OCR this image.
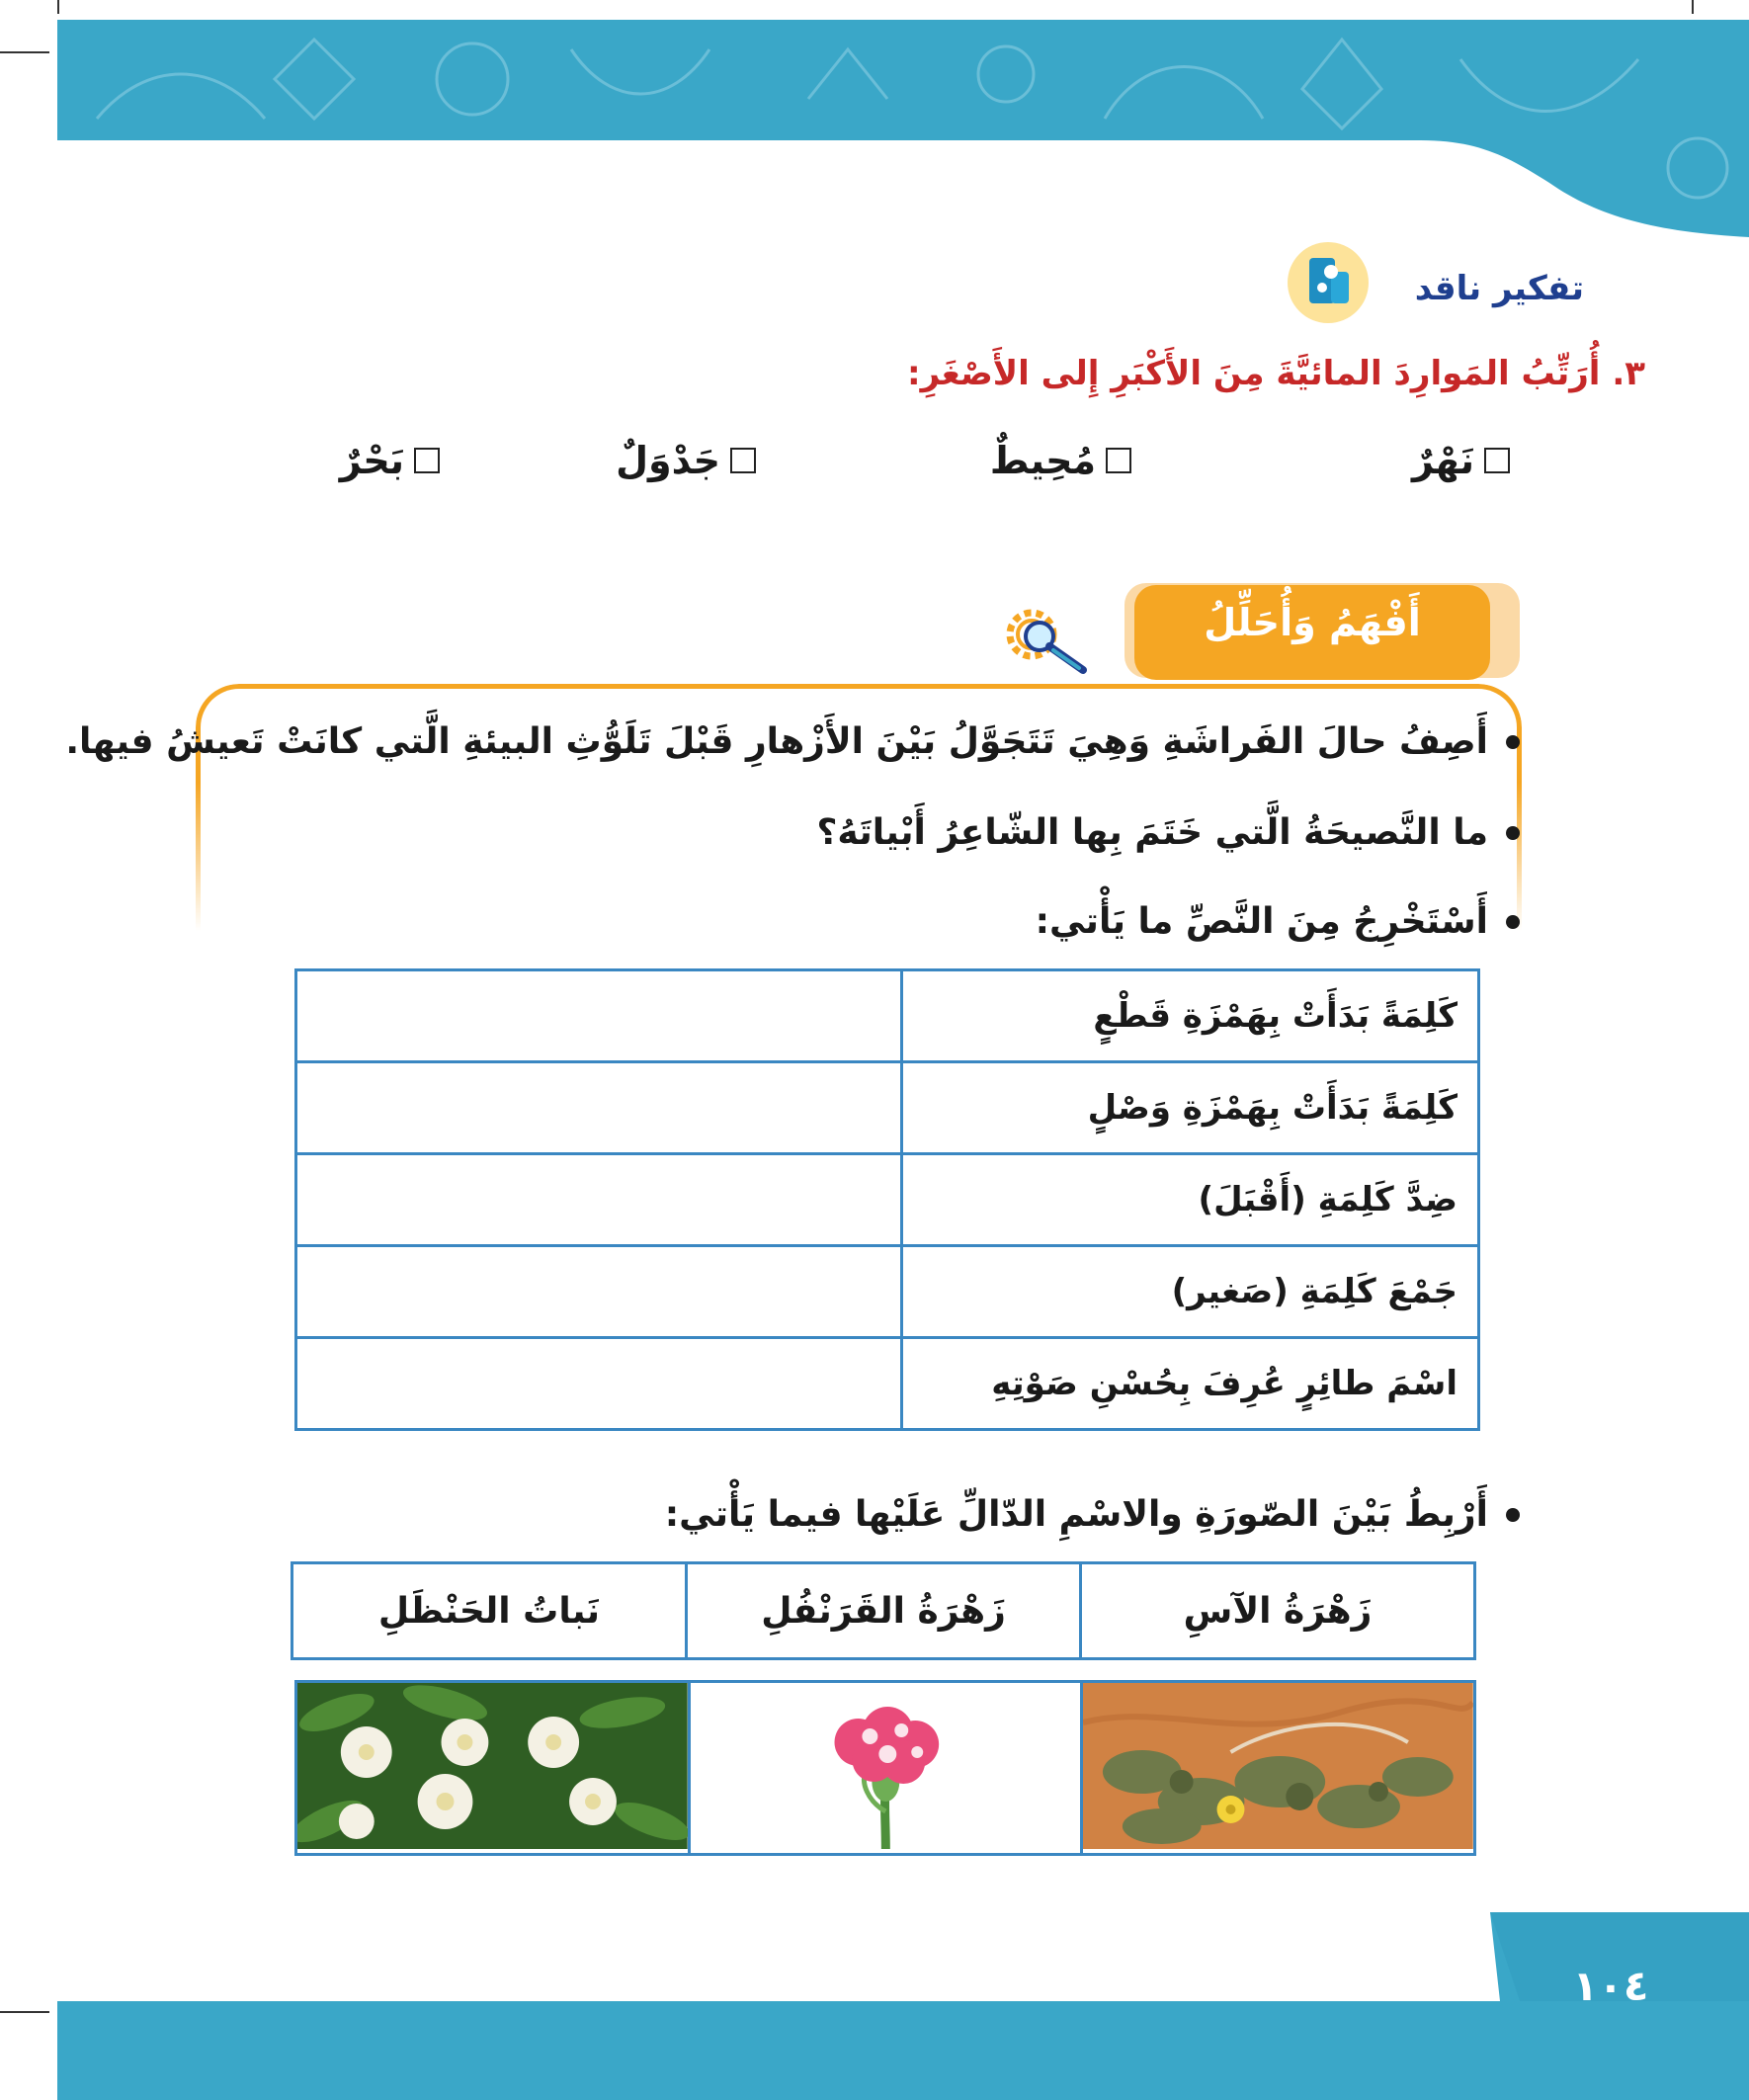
تفكير ناقد
٣. أُرَتِّبُ المَوارِدَ المائيَّةَ مِنَ الأَكْبَرِ إِلى الأَصْغَرِ:
نَهْرٌ
مُحِيطٌ
جَدْوَلٌ
بَحْرٌ
أَفْهَمُ وَأُحَلِّلُ
أَصِفُ حالَ الفَراشَةِ وَهِيَ تَتَجَوَّلُ بَيْنَ الأَزْهارِ قَبْلَ تَلَوُّثِ البيئةِ الَّتي كانَتْ تَعيشُ فيها.
ما النَّصيحَةُ الَّتي خَتَمَ بِها الشّاعِرُ أَبْياتَهُ؟
أَسْتَخْرِجُ مِنَ النَّصِّ ما يَأْتي:
كَلِمَةً بَدَأَتْ بِهَمْزَةِ قَطْعٍ	
كَلِمَةً بَدَأَتْ بِهَمْزَةِ وَصْلٍ	
ضِدَّ كَلِمَةِ (أَقْبَلَ)	
جَمْعَ كَلِمَةِ (صَغير)	
اسْمَ طائِرٍ عُرِفَ بِحُسْنِ صَوْتِهِ	
أَرْبِطُ بَيْنَ الصّورَةِ والاسْمِ الدّالِّ عَلَيْها فيما يَأْتي:
زَهْرَةُ الآسِ	زَهْرَةُ القَرَنْفُلِ	نَباتُ الحَنْظَلِ

١٠٤
